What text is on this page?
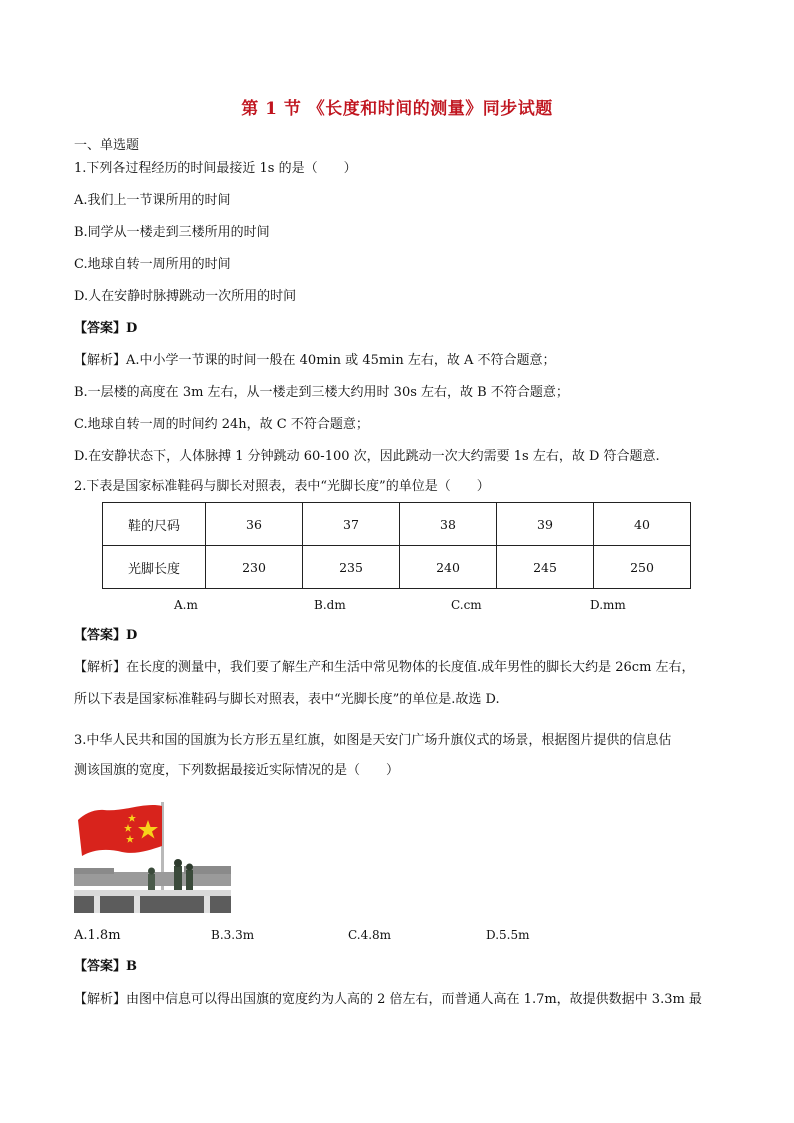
第 1 节 《长度和时间的测量》同步试题
一、单选题
1.下列各过程经历的时间最接近 1s 的是（　　）
A.我们上一节课所用的时间
B.同学从一楼走到三楼所用的时间
C.地球自转一周所用的时间
D.人在安静时脉搏跳动一次所用的时间
【答案】D
【解析】A.中小学一节课的时间一般在 40min 或 45min 左右，故 A 不符合题意；
B.一层楼的高度在 3m 左右，从一楼走到三楼大约用时 30s 左右，故 B 不符合题意；
C.地球自转一周的时间约 24h，故 C 不符合题意；
D.在安静状态下，人体脉搏 1 分钟跳动 60-100 次，因此跳动一次大约需要 1s 左右，故 D 符合题意.
2.下表是国家标准鞋码与脚长对照表，表中“光脚长度”的单位是（　　）
鞋的尺码	36	37	38	39	40
光脚长度	230	235	240	245	250
A.m	B.dm	C.cm	D.mm
【答案】D
【解析】在长度的测量中，我们要了解生产和生活中常见物体的长度值.成年男性的脚长大约是 26cm 左右，
所以下表是国家标准鞋码与脚长对照表，表中“光脚长度”的单位是.故选 D.
3.中华人民共和国的国旗为长方形五星红旗，如图是天安门广场升旗仪式的场景，根据图片提供的信息估
测该国旗的宽度，下列数据最接近实际情况的是（　　）
A.1.8m	B.3.3m	C.4.8m	D.5.5m
【答案】B
【解析】由图中信息可以得出国旗的宽度约为人高的 2 倍左右，而普通人高在 1.7m，故提供数据中 3.3m 最
